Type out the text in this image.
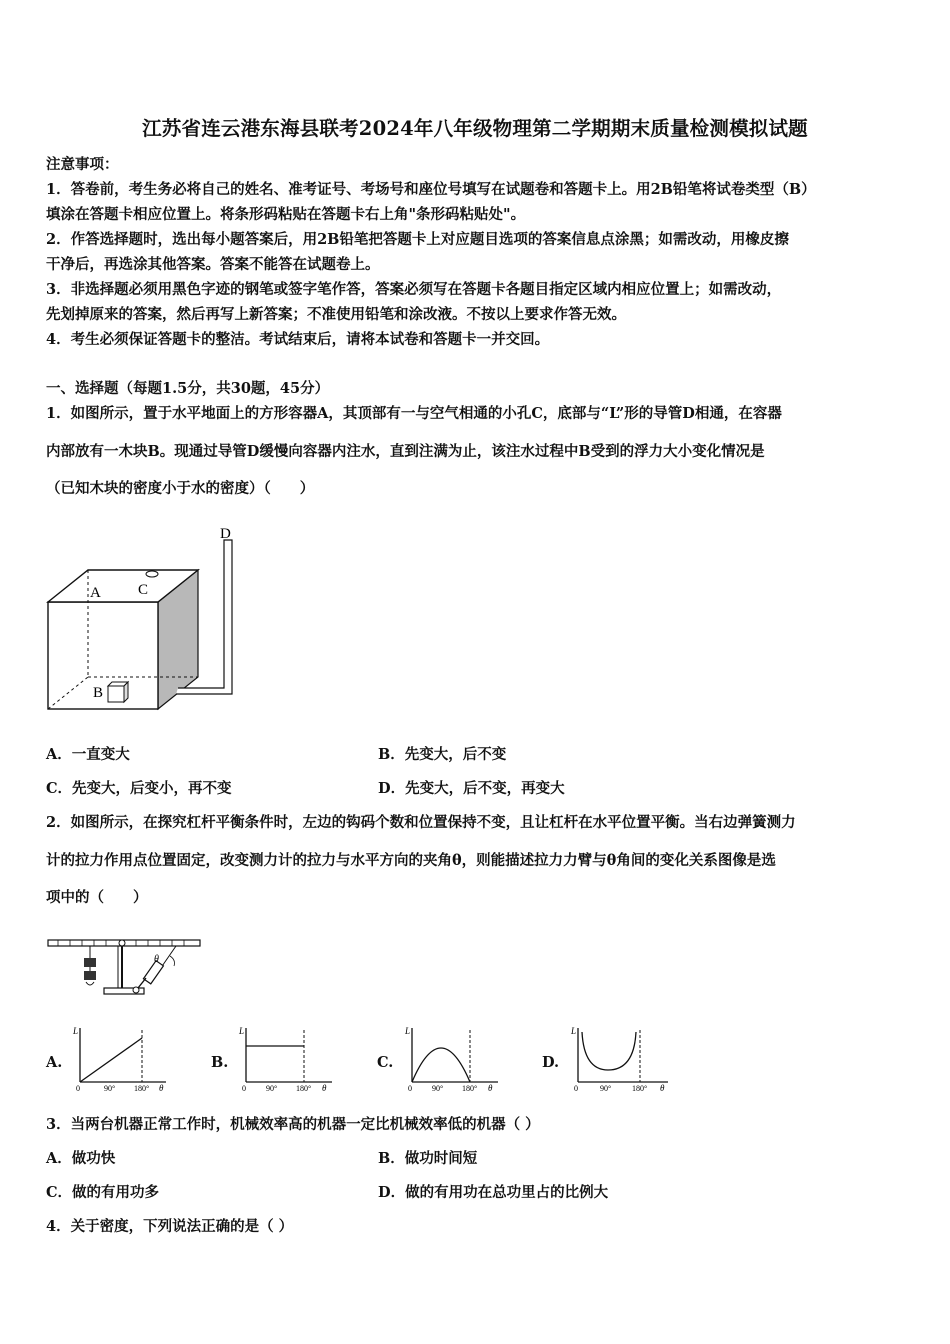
江苏省连云港东海县联考2024年八年级物理第二学期期末质量检测模拟试题
注意事项：
1．答卷前，考生务必将自己的姓名、准考证号、考场号和座位号填写在试题卷和答题卡上。用2B铅笔将试卷类型（B）
填涂在答题卡相应位置上。将条形码粘贴在答题卡右上角"条形码粘贴处"。
2．作答选择题时，选出每小题答案后，用2B铅笔把答题卡上对应题目选项的答案信息点涂黑；如需改动，用橡皮擦
干净后，再选涂其他答案。答案不能答在试题卷上。
3．非选择题必须用黑色字迹的钢笔或签字笔作答，答案必须写在答题卡各题目指定区域内相应位置上；如需改动，
先划掉原来的答案，然后再写上新答案；不准使用铅笔和涂改液。不按以上要求作答无效。
4．考生必须保证答题卡的整洁。考试结束后，请将本试卷和答题卡一并交回。
一、选择题（每题1.5分，共30题，45分）
1．如图所示，置于水平地面上的方形容器A，其顶部有一与空气相通的小孔C，底部与“L”形的导管D相通，在容器
内部放有一木块B。现通过导管D缓慢向容器内注水，直到注满为止，该注水过程中B受到的浮力大小变化情况是
（已知木块的密度小于水的密度）（　　）
A C
B
D
A．一直变大	B．先变大，后不变
C．先变大，后变小，再不变	D．先变大，后不变，再变大
2．如图所示，在探究杠杆平衡条件时，左边的钩码个数和位置保持不变，且让杠杆在水平位置平衡。当右边弹簧测力
计的拉力作用点位置固定，改变测力计的拉力与水平方向的夹角θ，则能描述拉力力臂与θ角间的变化关系图像是选
项中的（　　）
θ
A.
L
0	90° 180° θ
B.
L
0	90° 180° θ
C.
L
0	90° 180° θ
D.
L
0	90°	180° θ
3．当两台机器正常工作时，机械效率高的机器一定比机械效率低的机器（ ）
A．做功快	B．做功时间短
C．做的有用功多	D．做的有用功在总功里占的比例大
4．关于密度，下列说法正确的是（ ）
